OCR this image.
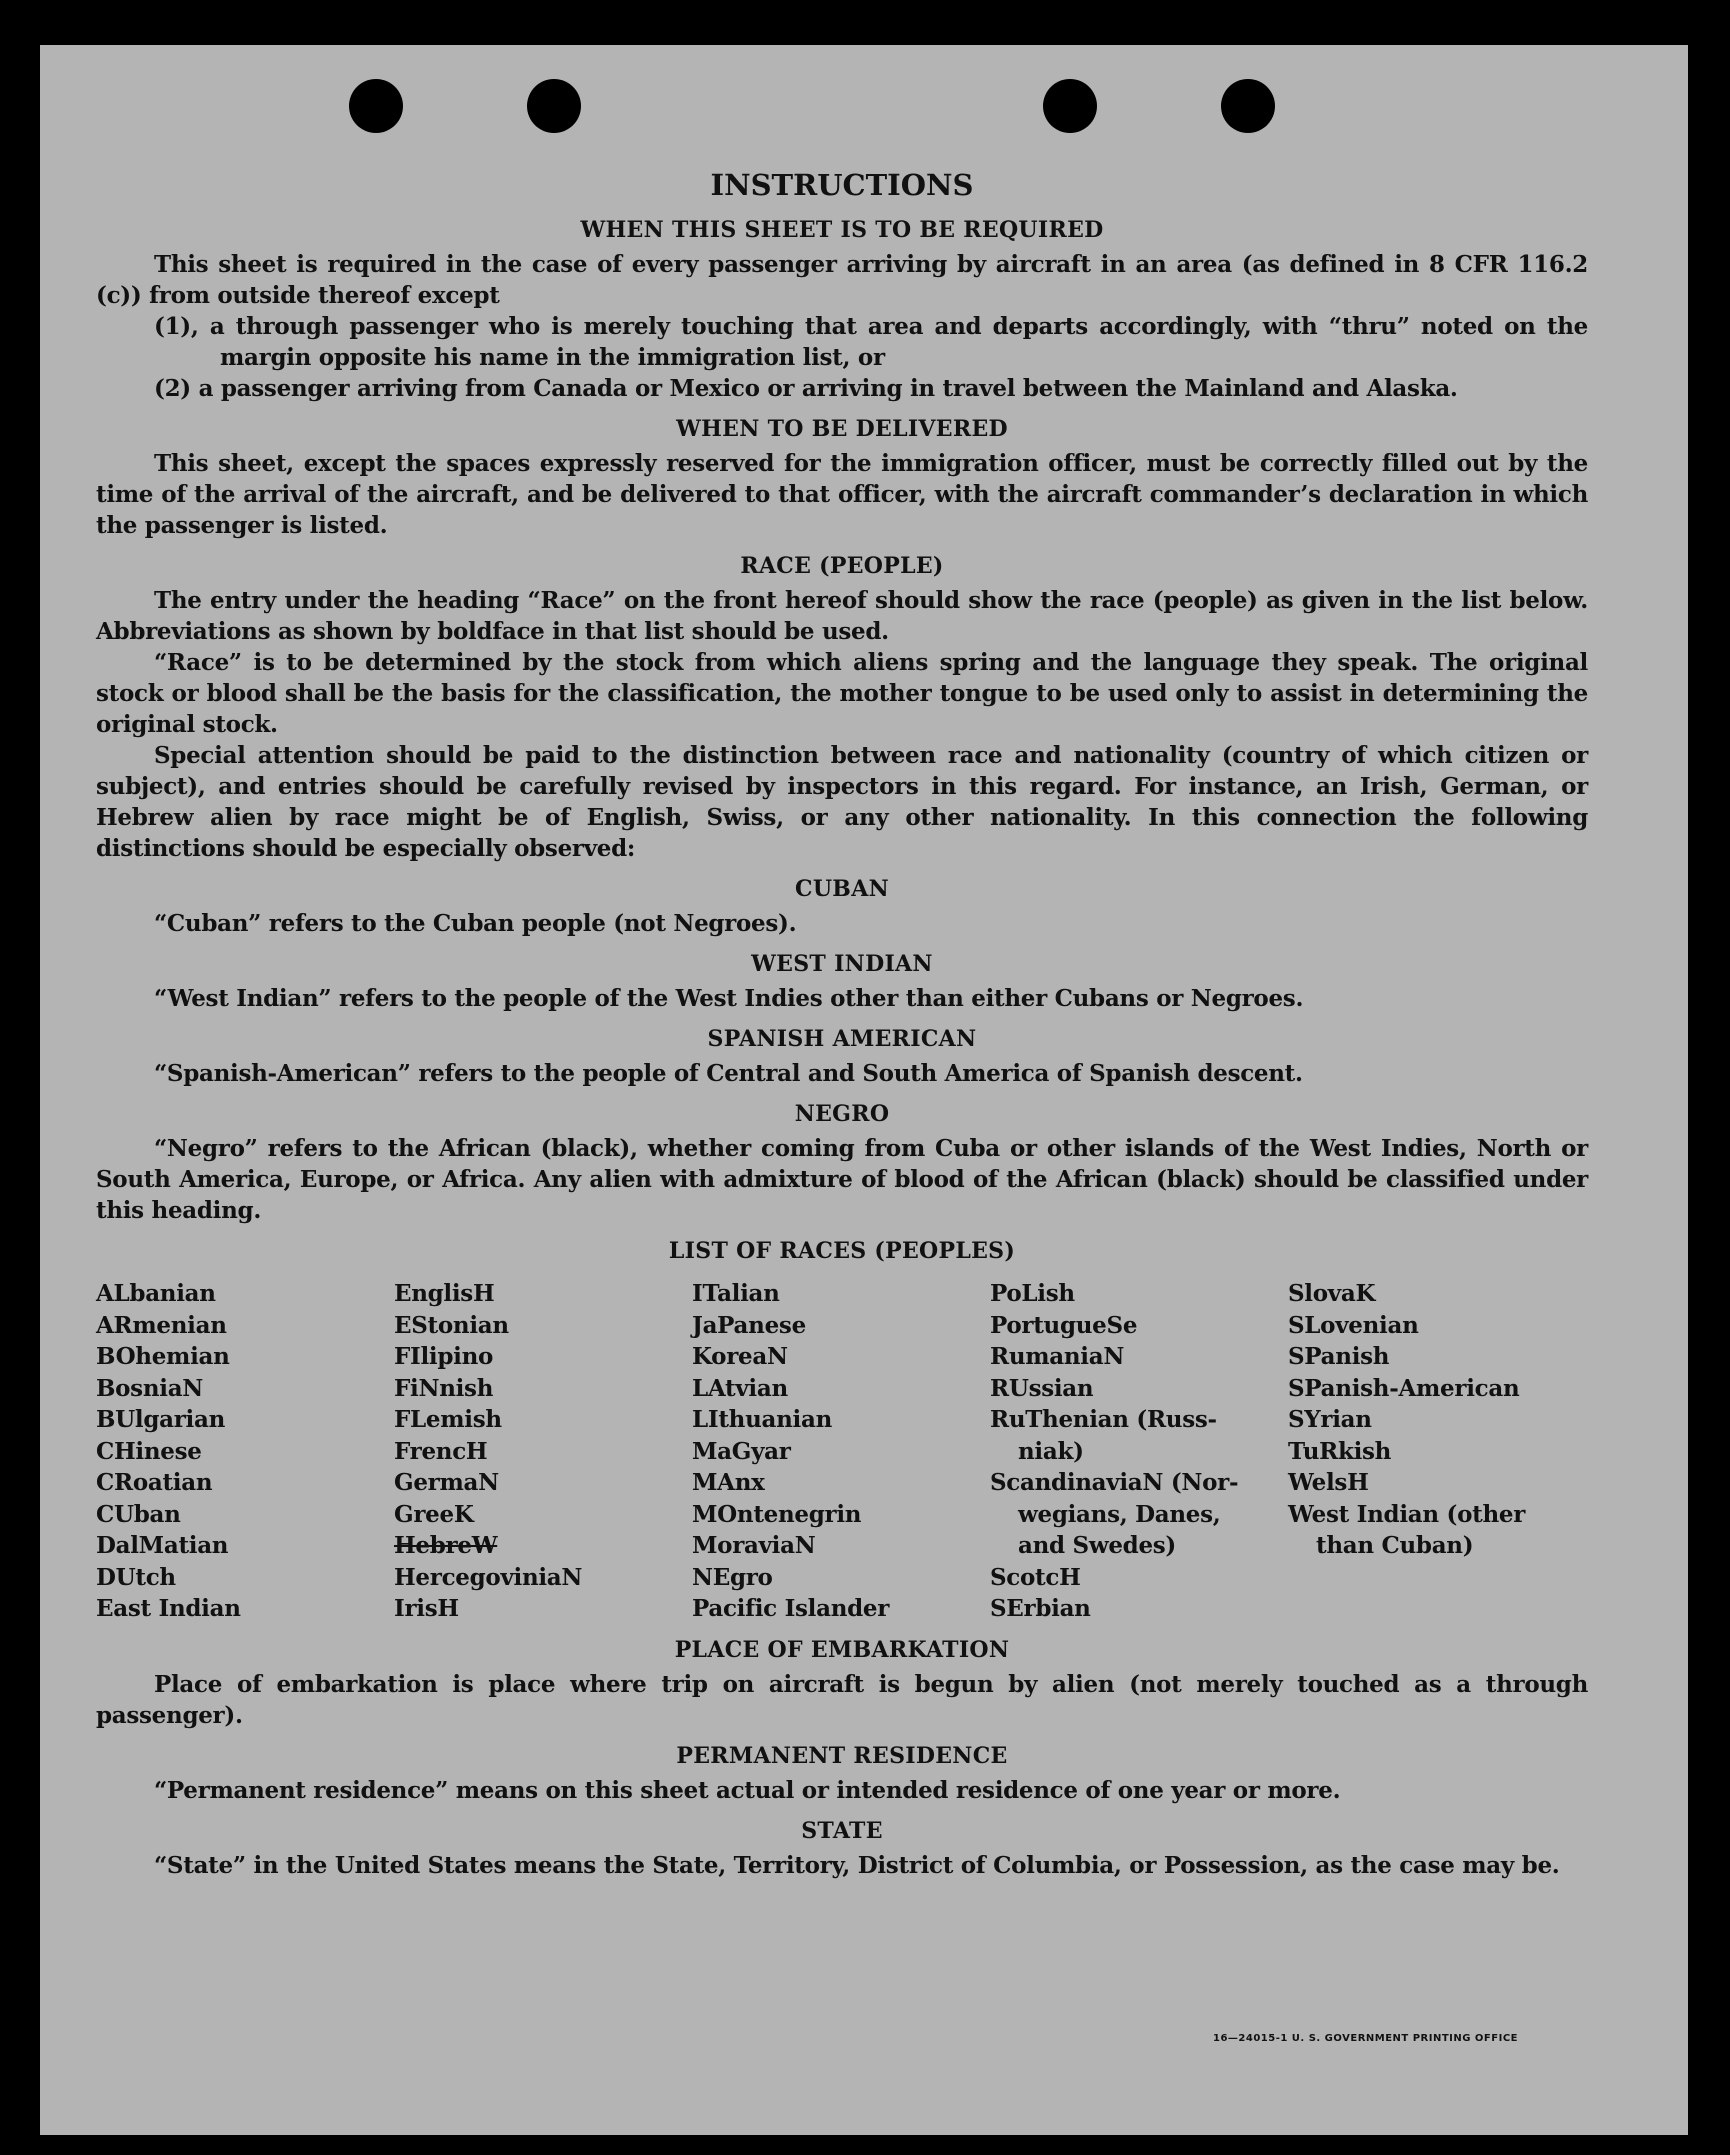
INSTRUCTIONS
WHEN THIS SHEET IS TO BE REQUIRED

This sheet is required in the case of every passenger arriving by aircraft in an area (as defined in 8 CFR 116.2 (c)) from outside thereof except

(1), a through passenger who is merely touching that area and departs accordingly, with “thru” noted on the margin opposite his name in the immigration list, or

(2) a passenger arriving from Canada or Mexico or arriving in travel between the Mainland and Alaska.

WHEN TO BE DELIVERED

This sheet, except the spaces expressly reserved for the immigration officer, must be correctly filled out by the time of the arrival of the aircraft, and be delivered to that officer, with the aircraft commander’s declaration in which the passenger is listed.

RACE (PEOPLE)

The entry under the heading “Race” on the front hereof should show the race (people) as given in the list below. Abbreviations as shown by boldface in that list should be used.

“Race” is to be determined by the stock from which aliens spring and the language they speak. The original stock or blood shall be the basis for the classification, the mother tongue to be used only to assist in determining the original stock.

Special attention should be paid to the distinction between race and nationality (country of which citizen or subject), and entries should be carefully revised by inspectors in this regard. For instance, an Irish, German, or Hebrew alien by race might be of English, Swiss, or any other nationality. In this connection the following distinctions should be especially observed:

CUBAN

“Cuban” refers to the Cuban people (not Negroes).

WEST INDIAN

“West Indian” refers to the people of the West Indies other than either Cubans or Negroes.

SPANISH AMERICAN

“Spanish-American” refers to the people of Central and South America of Spanish descent.

NEGRO

“Negro” refers to the African (black), whether coming from Cuba or other islands of the West Indies, North or South America, Europe, or Africa. Any alien with admixture of blood of the African (black) should be classified under this heading.

LIST OF RACES (PEOPLES)
ALbanian
ARmenian
BOhemian
BosniaN
BUlgarian
CHinese
CRoatian
CUban
DalMatian
DUtch
East Indian
EnglisH
EStonian
FIlipino
FiNnish
FLemish
FrencH
GermaN
GreeK
HebreW
HercegoviniaN
IrisH
ITalian
JaPanese
KoreaN
LAtvian
LIthuanian
MaGyar
MAnx
MOntenegrin
MoraviaN
NEgro
Pacific Islander
PoLish
PortugueSe
RumaniaN
RUssian
RuThenian (Russ-
niak)
ScandinaviaN (Nor-
wegians, Danes,
and Swedes)
ScotcH
SErbian
SlovaK
SLovenian
SPanish
SPanish-American
SYrian
TuRkish
WelsH
West Indian (other
than Cuban)
PLACE OF EMBARKATION

Place of embarkation is place where trip on aircraft is begun by alien (not merely touched as a through passenger).

PERMANENT RESIDENCE

“Permanent residence” means on this sheet actual or intended residence of one year or more.

STATE

“State” in the United States means the State, Territory, District of Columbia, or Possession, as the case may be.

16—24015-1 U. S. GOVERNMENT PRINTING OFFICE
